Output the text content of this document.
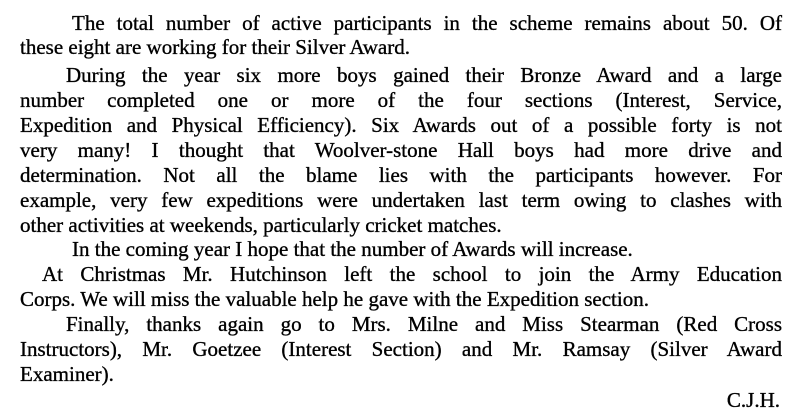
The total number of active participants in the scheme remains about 50. Of
these eight are working for their Silver Award.
During the year six more boys gained their Bronze Award and a large
number completed one or more of the four sections (Interest, Service,
Expedition and Physical Efficiency). Six Awards out of a possible forty is not
very many! I thought that Woolver-stone Hall boys had more drive and
determination. Not all the blame lies with the participants however. For
example, very few expeditions were undertaken last term owing to clashes with
other activities at weekends, particularly cricket matches.
In the coming year I hope that the number of Awards will increase.
At Christmas Mr. Hutchinson left the school to join the Army Education
Corps. We will miss the valuable help he gave with the Expedition section.
Finally, thanks again go to Mrs. Milne and Miss Stearman (Red Cross
Instructors), Mr. Goetzee (Interest Section) and Mr. Ramsay (Silver Award
Examiner).
C.J.H.
